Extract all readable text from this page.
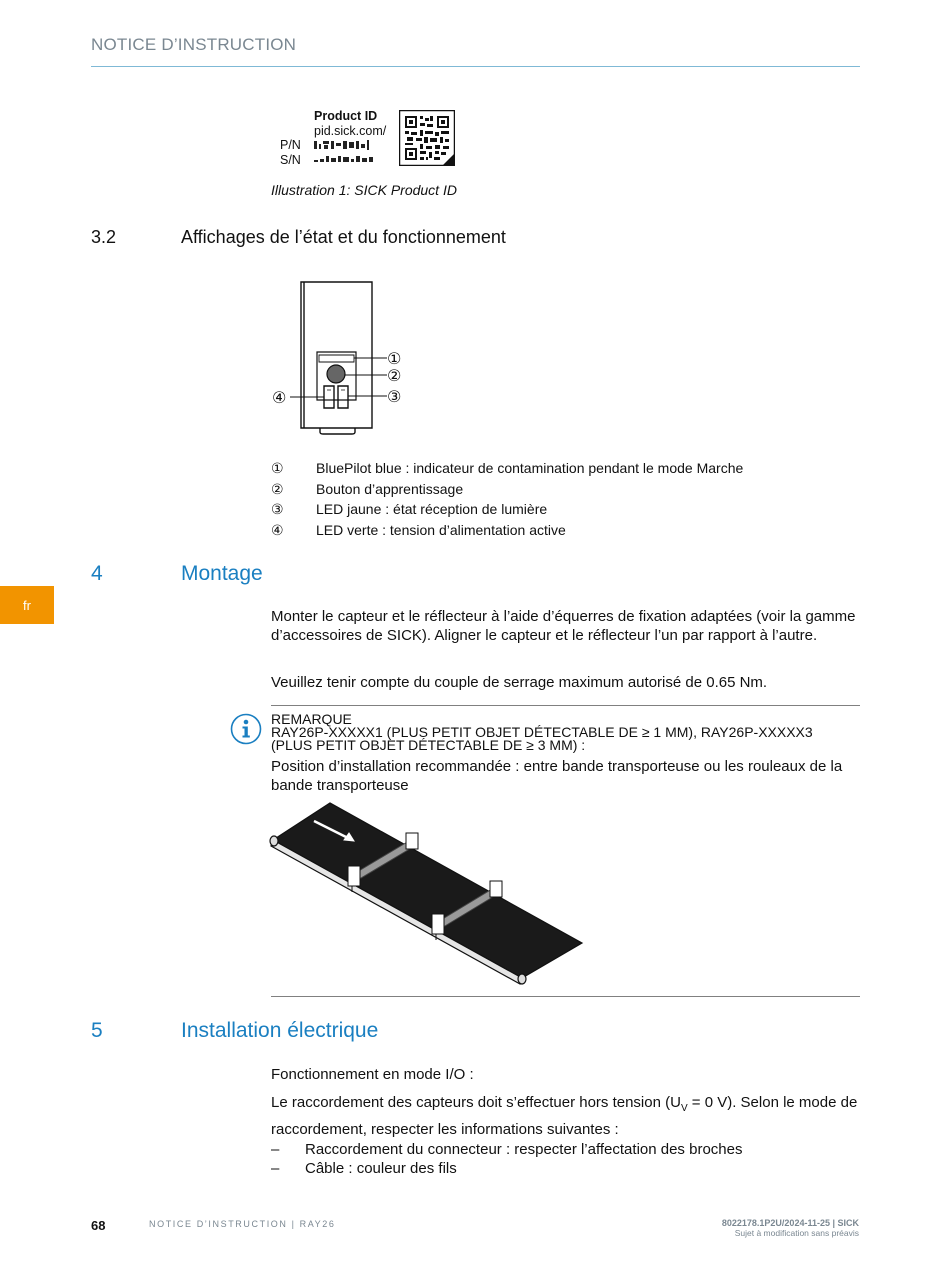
NOTICE D’INSTRUCTION
Product ID
pid.sick.com/
P/N
S/N
Illustration 1: SICK Product ID
3.2	Affichages de l’état et du fonctionnement
①
②
③
④
①	BluePilot blue : indicateur de contamination pendant le mode Marche
②	Bouton d’apprentissage
③	LED jaune : état réception de lumière
④	LED verte : tension d’alimentation active
fr
4	Montage
Monter le capteur et le réflecteur à l’aide d’équerres de fixation adaptées (voir la gamme d’accessoires de SICK). Aligner le capteur et le réflecteur l’un par rapport à l’autre.
Veuillez tenir compte du couple de serrage maximum autorisé de 0.65 Nm.
REMARQUE
RAY26P-XXXXX1 (PLUS PETIT OBJET DÉTECTABLE DE ≥ 1 MM), RAY26P-XXXXX3
(PLUS PETIT OBJET DÉTECTABLE DE ≥ 3 MM) :
Position d’installation recommandée : entre bande transporteuse ou les rouleaux de la bande transporteuse
5	Installation électrique
Fonctionnement en mode I/O :
Le raccordement des capteurs doit s’effectuer hors tension ($U_V = 0$ V). Selon le mode de raccordement, respecter les informations suivantes :
– Raccordement du connecteur : respecter l’affectation des broches
– Câble : couleur des fils
68	NOTICE D’INSTRUCTION | RAY26	8022178.1P2U/2024-11-25 | SICK
Sujet à modification sans préavis
